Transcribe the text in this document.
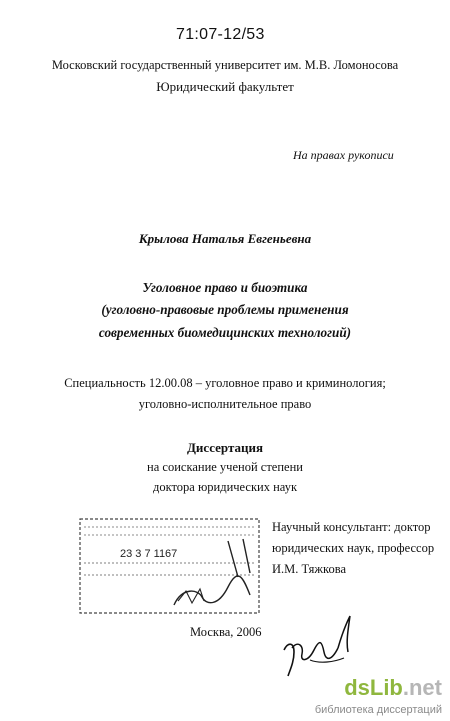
71:07-12/53
Московский государственный университет им. М.В. Ломоносова
Юридический факультет
На правах рукописи
Крылова Наталья Евгеньевна
Уголовное право и биоэтика
(уголовно-правовые проблемы применения
современных биомедицинских технологий)
Специальность 12.00.08 – уголовное право и криминология;
уголовно-исполнительное право
Диссертация
на соискание ученой степени
доктора юридических наук
Научный консультант: доктор
юридических наук, профессор
И.М. Тяжкова
23 3 7 1167
Москва, 2006
ds Lib .net
библиотека диссертаций
